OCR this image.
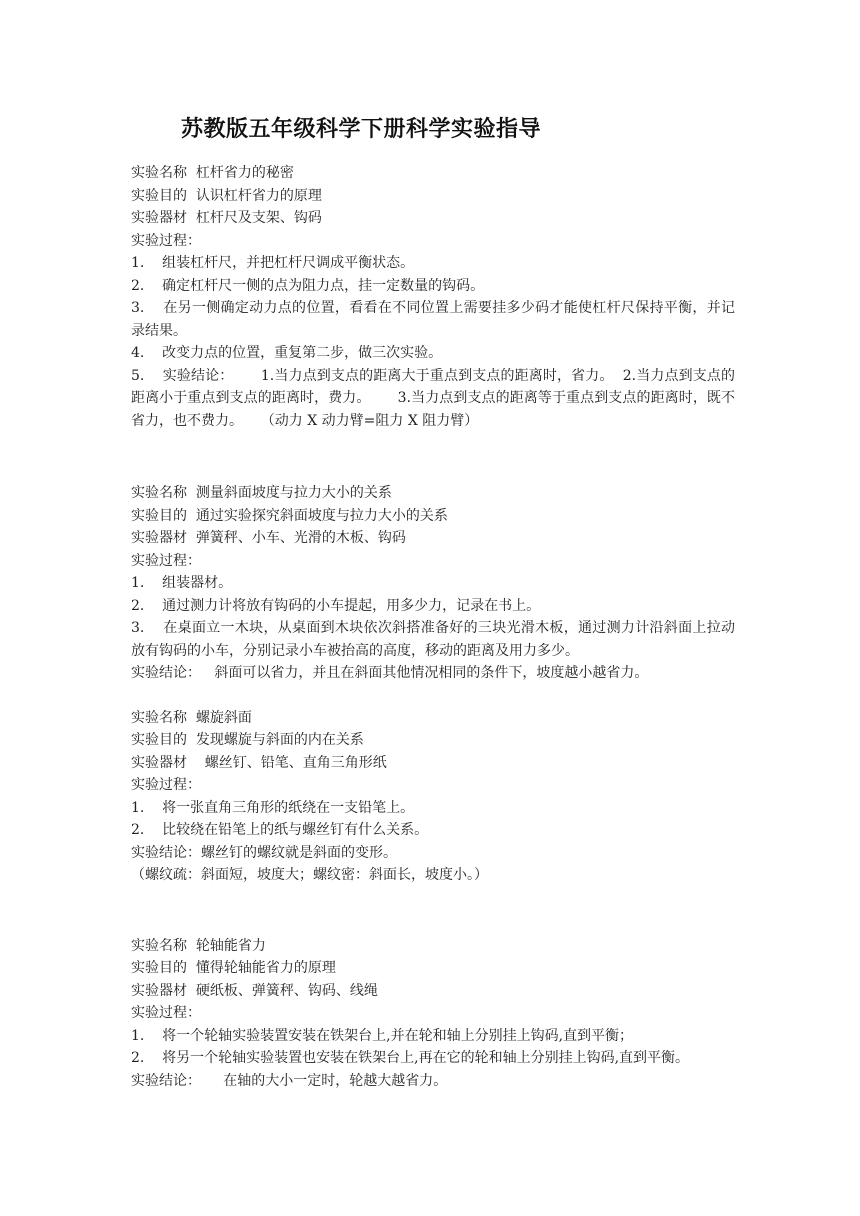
苏教版五年级科学下册科学实验指导
实验名称  杠杆省力的秘密
实验目的  认识杠杆省力的原理
实验器材  杠杆尺及支架、钩码
实验过程：
1.    组装杠杆尺，并把杠杆尺调成平衡状态。
2.    确定杠杆尺一侧的点为阻力点，挂一定数量的钩码。
3.    在另一侧确定动力点的位置，看看在不同位置上需要挂多少码才能使杠杆尺保持平衡，并记录结果。
4.    改变力点的位置，重复第二步，做三次实验。
5.    实验结论：      1.当力点到支点的距离大于重点到支点的距离时，省力。  2.当力点到支点的距离小于重点到支点的距离时，费力。      3.当力点到支点的距离等于重点到支点的距离时，既不省力，也不费力。    （动力 X 动力臂=阻力 X 阻力臂）
实验名称  测量斜面坡度与拉力大小的关系
实验目的  通过实验探究斜面坡度与拉力大小的关系
实验器材  弹簧秤、小车、光滑的木板、钩码
实验过程：
1.    组装器材。
2.    通过测力计将放有钩码的小车提起，用多少力，记录在书上。
3.    在桌面立一木块，从桌面到木块依次斜搭准备好的三块光滑木板，通过测力计沿斜面上拉动放有钩码的小车，分别记录小车被抬高的高度，移动的距离及用力多少。
实验结论：   斜面可以省力，并且在斜面其他情况相同的条件下，坡度越小越省力。
实验名称  螺旋斜面
实验目的  发现螺旋与斜面的内在关系
实验器材    螺丝钉、铅笔、直角三角形纸
实验过程：
1.    将一张直角三角形的纸绕在一支铅笔上。
2.    比较绕在铅笔上的纸与螺丝钉有什么关系。
实验结论：螺丝钉的螺纹就是斜面的变形。
（螺纹疏：斜面短，坡度大；螺纹密：斜面长，坡度小。）
实验名称  轮轴能省力
实验目的  懂得轮轴能省力的原理
实验器材  硬纸板、弹簧秤、钩码、线绳
实验过程：
1.    将一个轮轴实验装置安装在铁架台上,并在轮和轴上分别挂上钩码,直到平衡；
2.    将另一个轮轴实验装置也安装在铁架台上,再在它的轮和轴上分别挂上钩码,直到平衡。
实验结论：     在轴的大小一定时，轮越大越省力。
